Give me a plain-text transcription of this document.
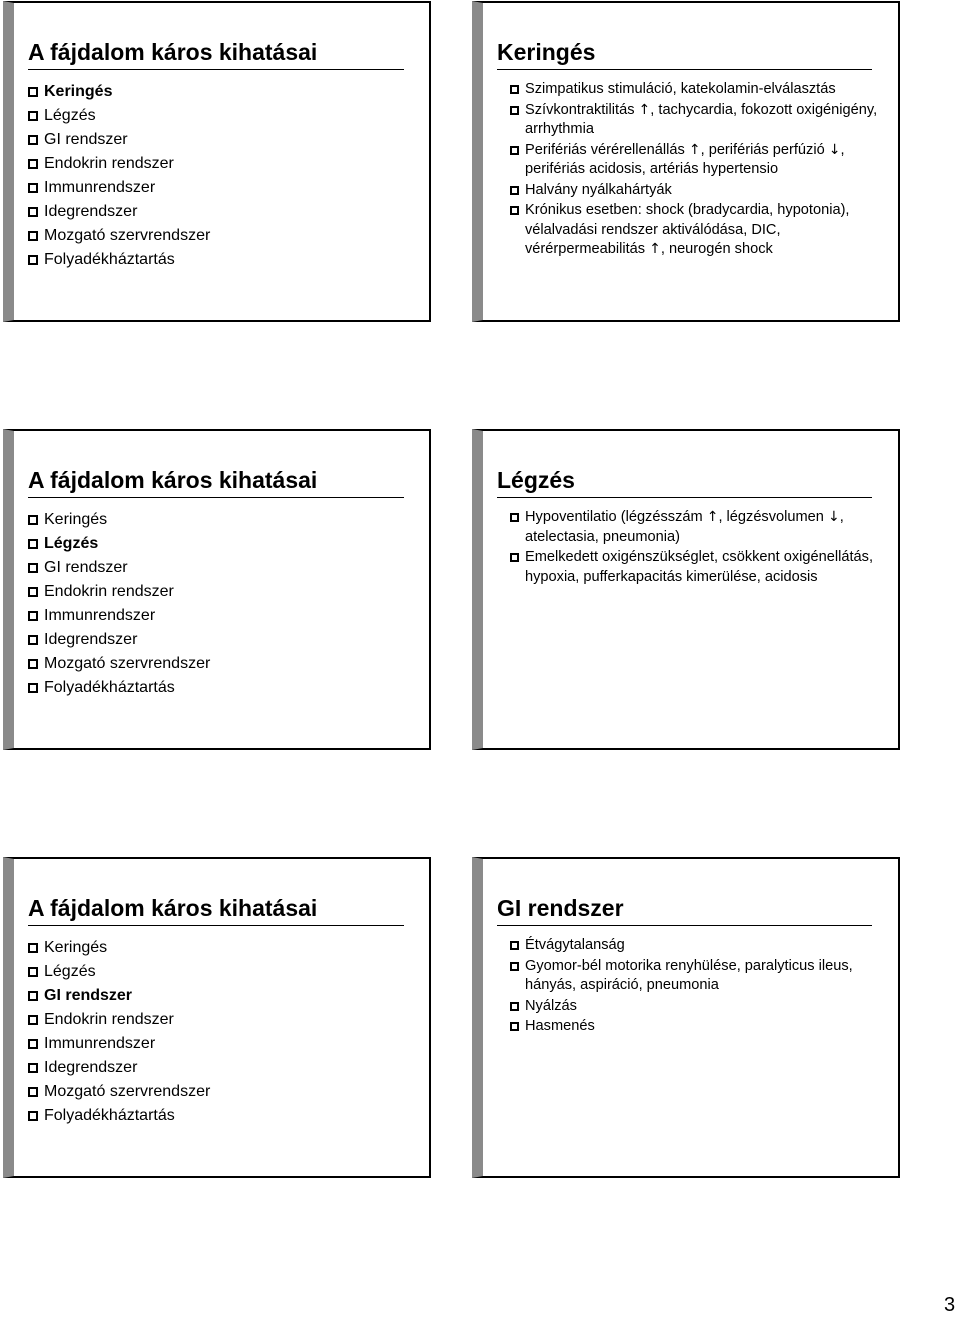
A fájdalom káros kihatásai
Keringés
Légzés
GI rendszer
Endokrin rendszer
Immunrendszer
Idegrendszer
Mozgató szervrendszer
Folyadékháztartás
Keringés
Szimpatikus stimuláció, katekolamin-elválasztás
Szívkontraktilitás ↑, tachycardia, fokozott oxigénigény, arrhythmia
Perifériás vérérellenállás ↑, perifériás perfúzió ↓, perifériás acidosis, artériás hypertensio
Halvány nyálkahártyák
Krónikus esetben: shock (bradycardia, hypotonia), vélalvadási rendszer aktiválódása, DIC, vérérpermeabilitás ↑, neurogén shock
A fájdalom káros kihatásai
Keringés
Légzés
GI rendszer
Endokrin rendszer
Immunrendszer
Idegrendszer
Mozgató szervrendszer
Folyadékháztartás
Légzés
Hypoventilatio (légzésszám ↑, légzésvolumen ↓, atelectasia, pneumonia)
Emelkedett oxigénszükséglet, csökkent oxigénellátás, hypoxia, pufferkapacitás kimerülése, acidosis
A fájdalom káros kihatásai
Keringés
Légzés
GI rendszer
Endokrin rendszer
Immunrendszer
Idegrendszer
Mozgató szervrendszer
Folyadékháztartás
GI rendszer
Étvágytalanság
Gyomor-bél motorika renyhülése, paralyticus ileus, hányás, aspiráció, pneumonia
Nyálzás
Hasmenés
3
